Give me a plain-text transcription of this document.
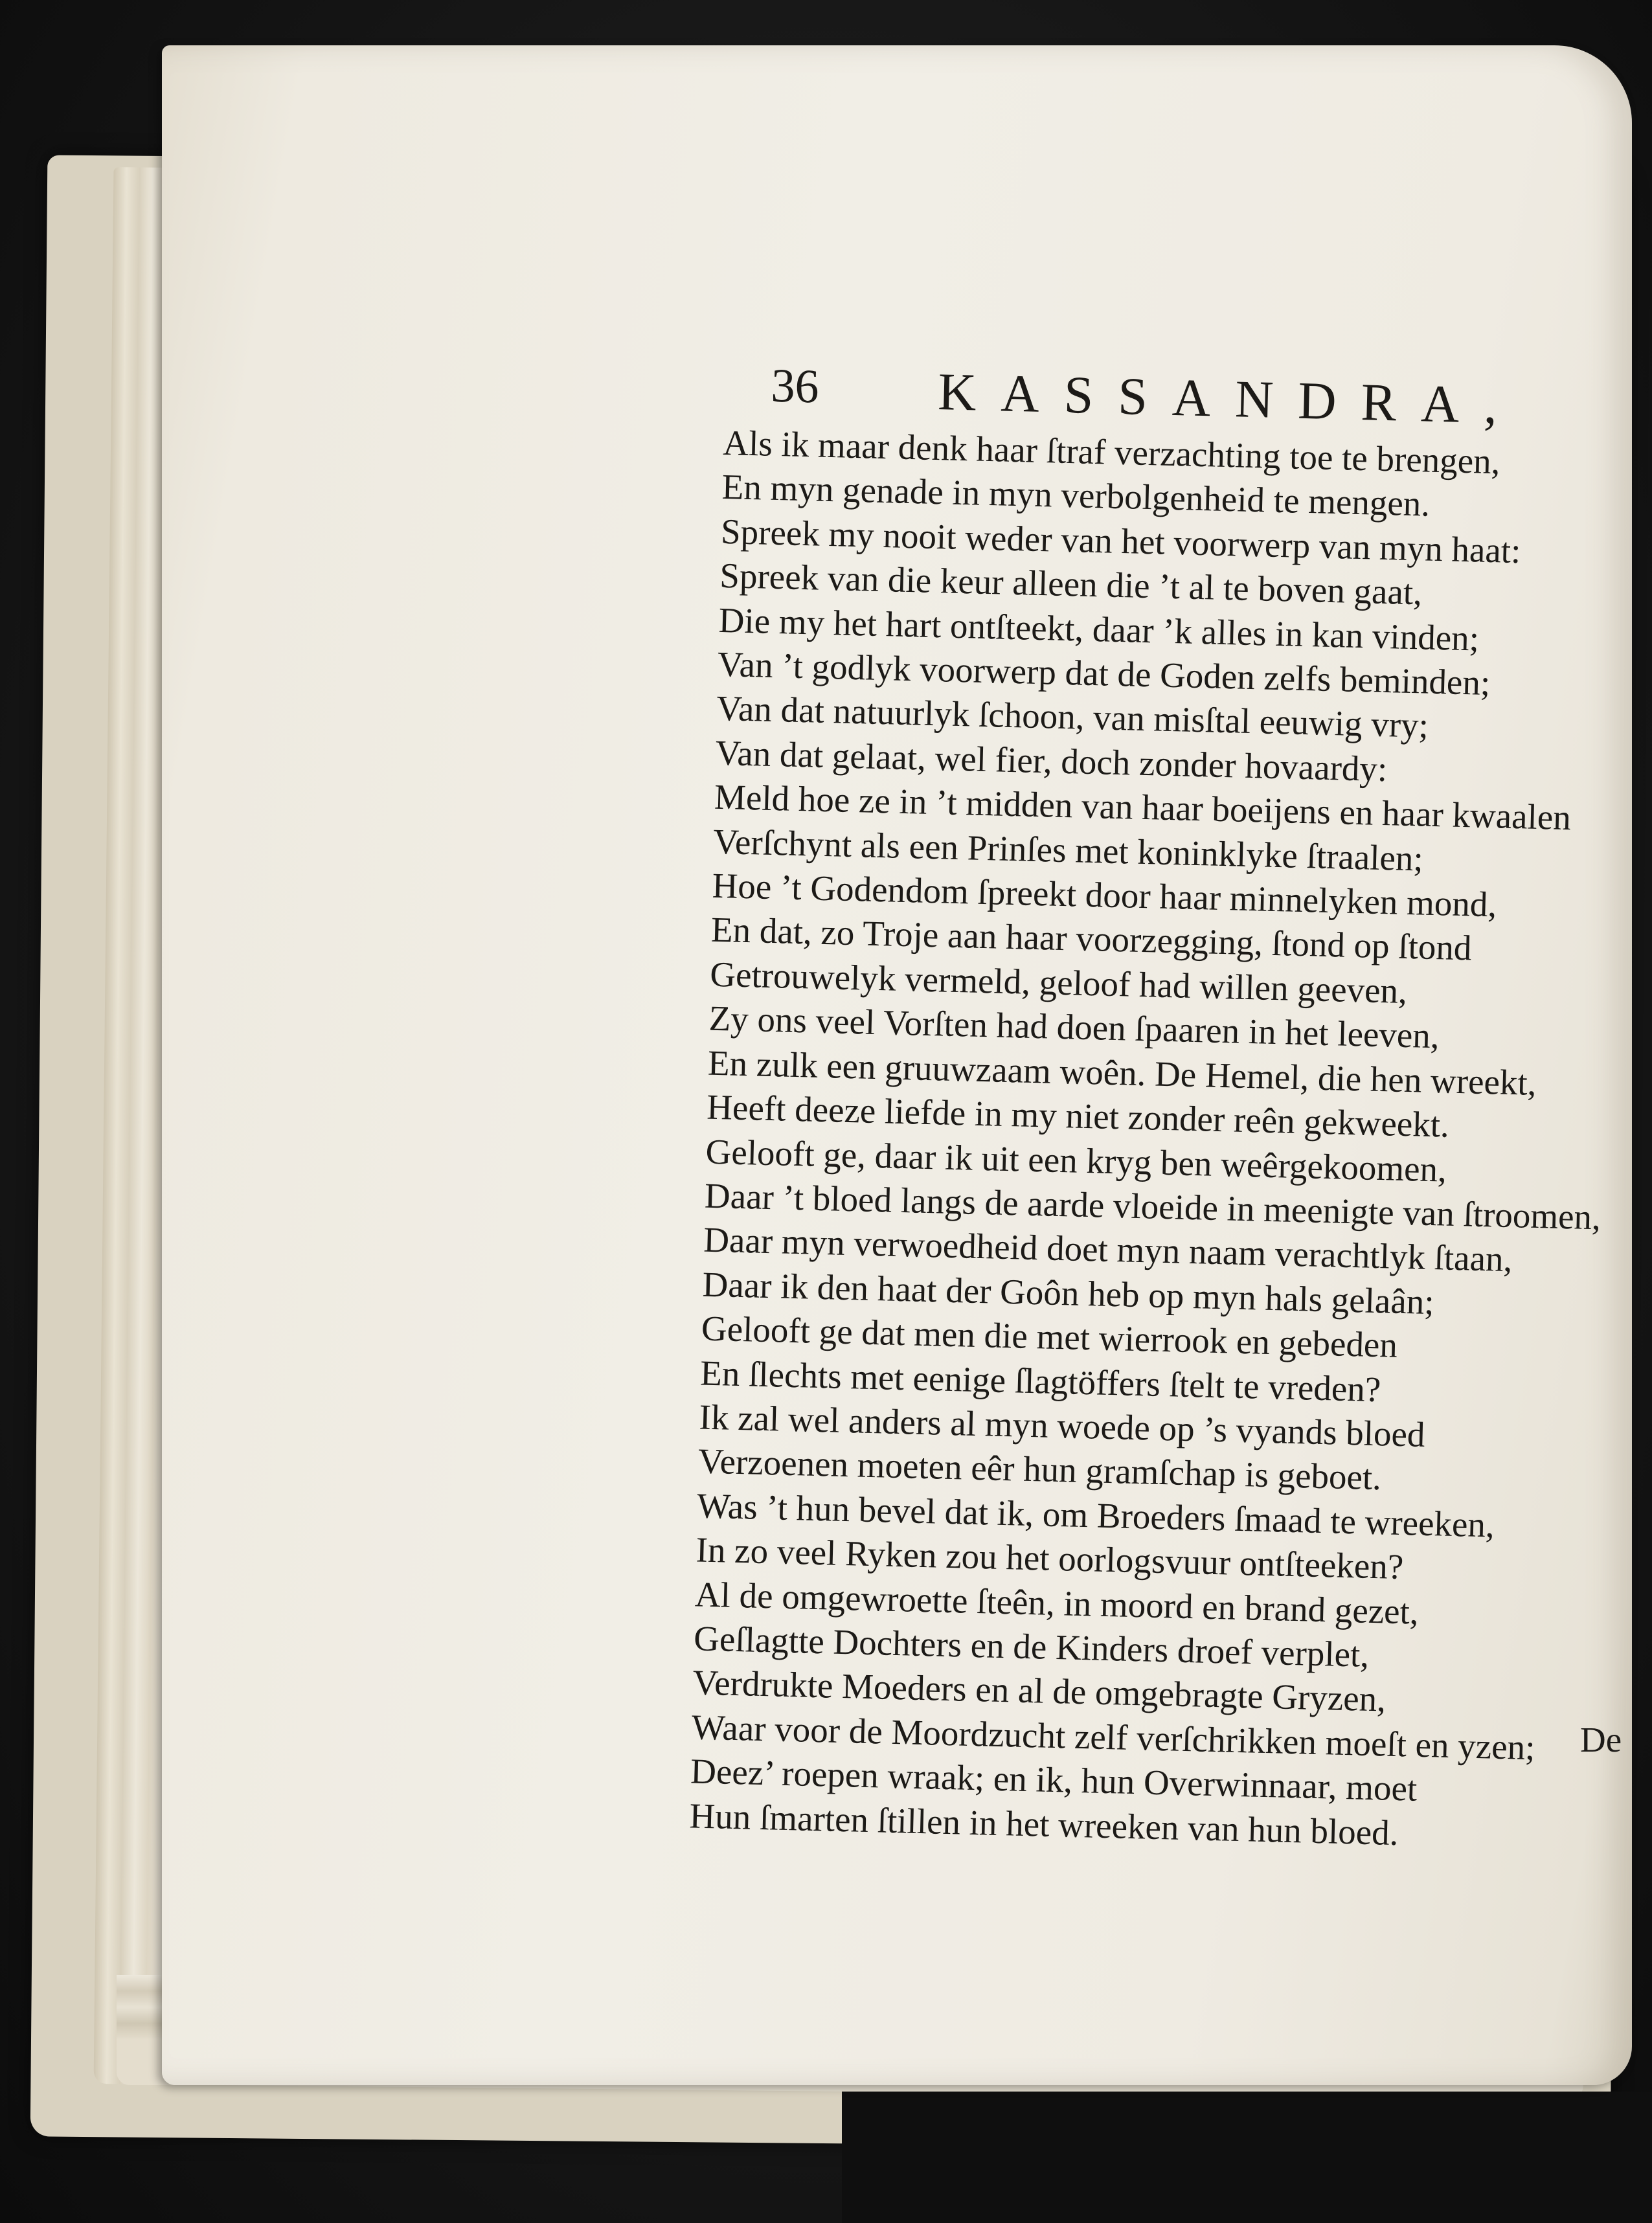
36 KASSANDRA,
Als ik maar denk haar ſtraf verzachting toe te brengen,
En myn genade in myn verbolgenheid te mengen.
Spreek my nooit weder van het voorwerp van myn haat:
Spreek van die keur alleen die ’t al te boven gaat,
Die my het hart ontſteekt, daar ’k alles in kan vinden;
Van ’t godlyk voorwerp dat de Goden zelfs beminden;
Van dat natuurlyk ſchoon, van misſtal eeuwig vry;
Van dat gelaat, wel fier, doch zonder hovaardy:
Meld hoe ze in ’t midden van haar boeijens en haar kwaalen
Verſchynt als een Prinſes met koninklyke ſtraalen;
Hoe ’t Godendom ſpreekt door haar minnelyken mond,
En dat, zo Troje aan haar voorzegging, ſtond op ſtond
Getrouwelyk vermeld, geloof had willen geeven,
Zy ons veel Vorſten had doen ſpaaren in het leeven,
En zulk een gruuwzaam woên. De Hemel, die hen wreekt,
Heeft deeze liefde in my niet zonder reên gekweekt.
Gelooft ge, daar ik uit een kryg ben weêrgekoomen,
Daar ’t bloed langs de aarde vloeide in meenigte van ſtroomen,
Daar myn verwoedheid doet myn naam verachtlyk ſtaan,
Daar ik den haat der Goôn heb op myn hals gelaân;
Gelooft ge dat men die met wierrook en gebeden
En ſlechts met eenige ſlagtöffers ſtelt te vreden?
Ik zal wel anders al myn woede op ’s vyands bloed
Verzoenen moeten eêr hun gramſchap is geboet.
Was ’t hun bevel dat ik, om Broeders ſmaad te wreeken,
In zo veel Ryken zou het oorlogsvuur ontſteeken?
Al de omgewroette ſteên, in moord en brand gezet,
Geſlagtte Dochters en de Kinders droef verplet,
Verdrukte Moeders en al de omgebragte Gryzen,
Waar voor de Moordzucht zelf verſchrikken moeſt en yzen;
Deez’ roepen wraak; en ik, hun Overwinnaar, moet
Hun ſmarten ſtillen in het wreeken van hun bloed.
De
